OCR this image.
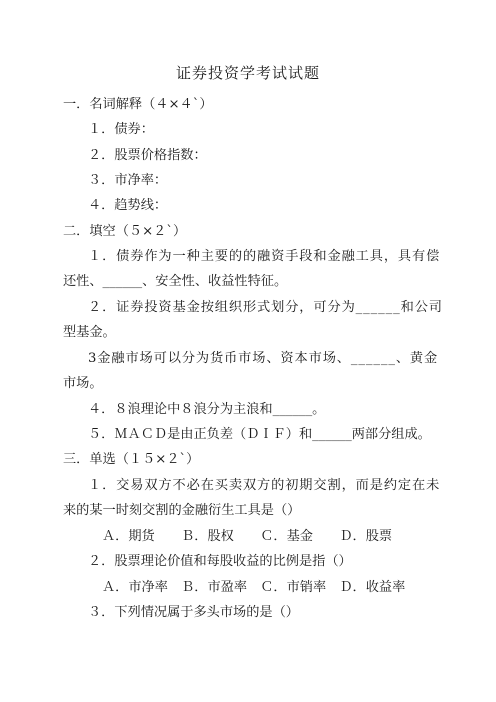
证券投资学考试试题
一．名词解释（４×４`）
１．债券：
２．股票价格指数：
３．市净率：
４．趋势线：
二．填空（５×２`）
１．债券作为一种主要的的融资手段和金融工具，具有偿
还性、______、安全性、收益性特征。
２．证券投资基金按组织形式划分，可分为______和公司
型基金。
3金融市场可以分为货币市场、资本市场、______、黄金
市场。
４．８浪理论中８浪分为主浪和______。
５．ＭＡＣＤ是由正负差（ＤＩＦ）和______两部分组成。
三．单选（１５×２`）
１．交易双方不必在买卖双方的初期交割，而是约定在未
来的某一时刻交割的金融衍生工具是（）
Ａ．期货　　Ｂ．股权　　Ｃ．基金　　Ｄ．股票
２．股票理论价值和每股收益的比例是指（）
Ａ．市净率　Ｂ．市盈率　Ｃ．市销率　Ｄ．收益率
３．下列情况属于多头市场的是（）
